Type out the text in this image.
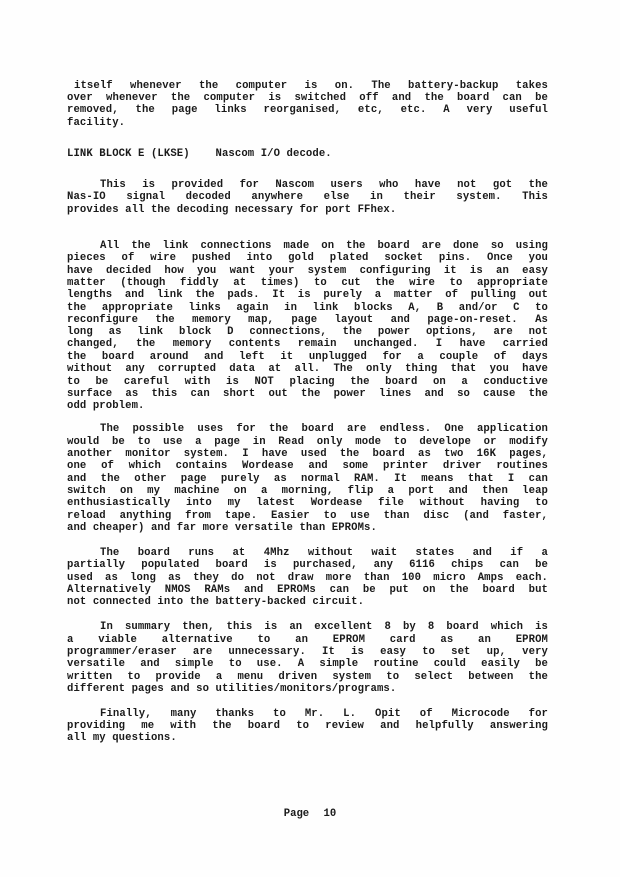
itself whenever the computer is on. The battery-backup takes
over whenever the computer is switched off and the board can be
removed, the page links reorganised, etc, etc. A very useful
facility.
LINK BLOCK E (LKSE)    Nascom I/O decode.
This is provided for Nascom users who have not got the
Nas-IO signal decoded anywhere else in their system. This
provides all the decoding necessary for port FFhex.
All the link connections made on the board are done so using
pieces of wire pushed into gold plated socket pins. Once you
have decided how you want your system configuring it is an easy
matter (though fiddly at times) to cut the wire to appropriate
lengths and link the pads. It is purely a matter of pulling out
the appropriate links again in link blocks A, B and/or C to
reconfigure the memory map, page layout and page-on-reset. As
long as link block D connections, the power options, are not
changed, the memory contents remain unchanged. I have carried
the board around and left it unplugged for a couple of days
without any corrupted data at all. The only thing that you have
to be careful with is NOT placing the board on a conductive
surface as this can short out the power lines and so cause the
odd problem.
The possible uses for the board are endless. One application
would be to use a page in Read only mode to develope or modify
another monitor system. I have used the board as two 16K pages,
one of which contains Wordease and some printer driver routines
and the other page purely as normal RAM. It means that I can
switch on my machine on a morning, flip a port and then leap
enthusiastically into my latest Wordease file without having to
reload anything from tape. Easier to use than disc (and faster,
and cheaper) and far more versatile than EPROMs.
The board runs at 4Mhz without wait states and if a
partially populated board is purchased, any 6116 chips can be
used as long as they do not draw more than 100 micro Amps each.
Alternatively NMOS RAMs and EPROMs can be put on the board but
not connected into the battery-backed circuit.
In summary then, this is an excellent 8 by 8 board which is
a viable alternative to an EPROM card as an EPROM
programmer/eraser are unnecessary. It is easy to set up, very
versatile and simple to use. A simple routine could easily be
written to provide a menu driven system to select between the
different pages and so utilities/monitors/programs.
Finally, many thanks to Mr. L. Opit of Microcode for
providing me with the board to review and helpfully answering
all my questions.
Page 10
